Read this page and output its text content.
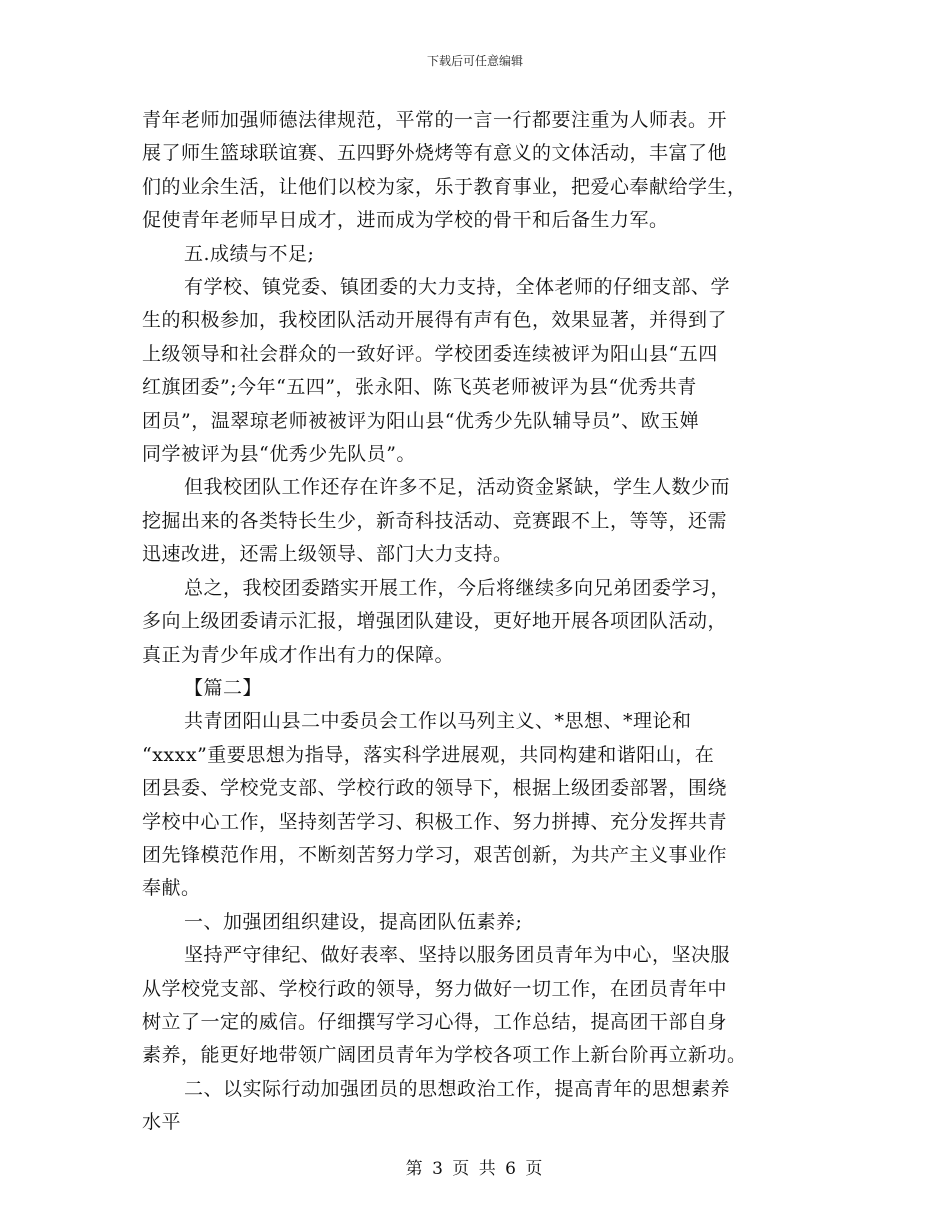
下载后可任意编辑
青年老师加强师德法律规范，平常的一言一行都要注重为人师表。开
展了师生篮球联谊赛、五四野外烧烤等有意义的文体活动，丰富了他
们的业余生活，让他们以校为家，乐于教育事业，把爱心奉献给学生，
促使青年老师早日成才，进而成为学校的骨干和后备生力军。
五.成绩与不足;
有学校、镇党委、镇团委的大力支持，全体老师的仔细支部、学
生的积极参加，我校团队活动开展得有声有色，效果显著，并得到了
上级领导和社会群众的一致好评。学校团委连续被评为阳山县“五四
红旗团委”;今年“五四”，张永阳、陈飞英老师被评为县“优秀共青
团员”，温翠琼老师被被评为阳山县“优秀少先队辅导员”、欧玉婵
同学被评为县“优秀少先队员”。
但我校团队工作还存在许多不足，活动资金紧缺，学生人数少而
挖掘出来的各类特长生少，新奇科技活动、竞赛跟不上，等等，还需
迅速改进，还需上级领导、部门大力支持。
总之，我校团委踏实开展工作，今后将继续多向兄弟团委学习，
多向上级团委请示汇报，增强团队建设，更好地开展各项团队活动，
真正为青少年成才作出有力的保障。
【篇二】
共青团阳山县二中委员会工作以马列主义、*思想、*理论和
“xxxx”重要思想为指导，落实科学进展观，共同构建和谐阳山，在
团县委、学校党支部、学校行政的领导下，根据上级团委部署，围绕
学校中心工作，坚持刻苦学习、积极工作、努力拼搏、充分发挥共青
团先锋模范作用，不断刻苦努力学习，艰苦创新，为共产主义事业作
奉献。
一、加强团组织建设，提高团队伍素养;
坚持严守律纪、做好表率、坚持以服务团员青年为中心，坚决服
从学校党支部、学校行政的领导，努力做好一切工作，在团员青年中
树立了一定的威信。仔细撰写学习心得，工作总结，提高团干部自身
素养，能更好地带领广阔团员青年为学校各项工作上新台阶再立新功。
二、以实际行动加强团员的思想政治工作，提高青年的思想素养
水平
第 3 页 共 6 页
